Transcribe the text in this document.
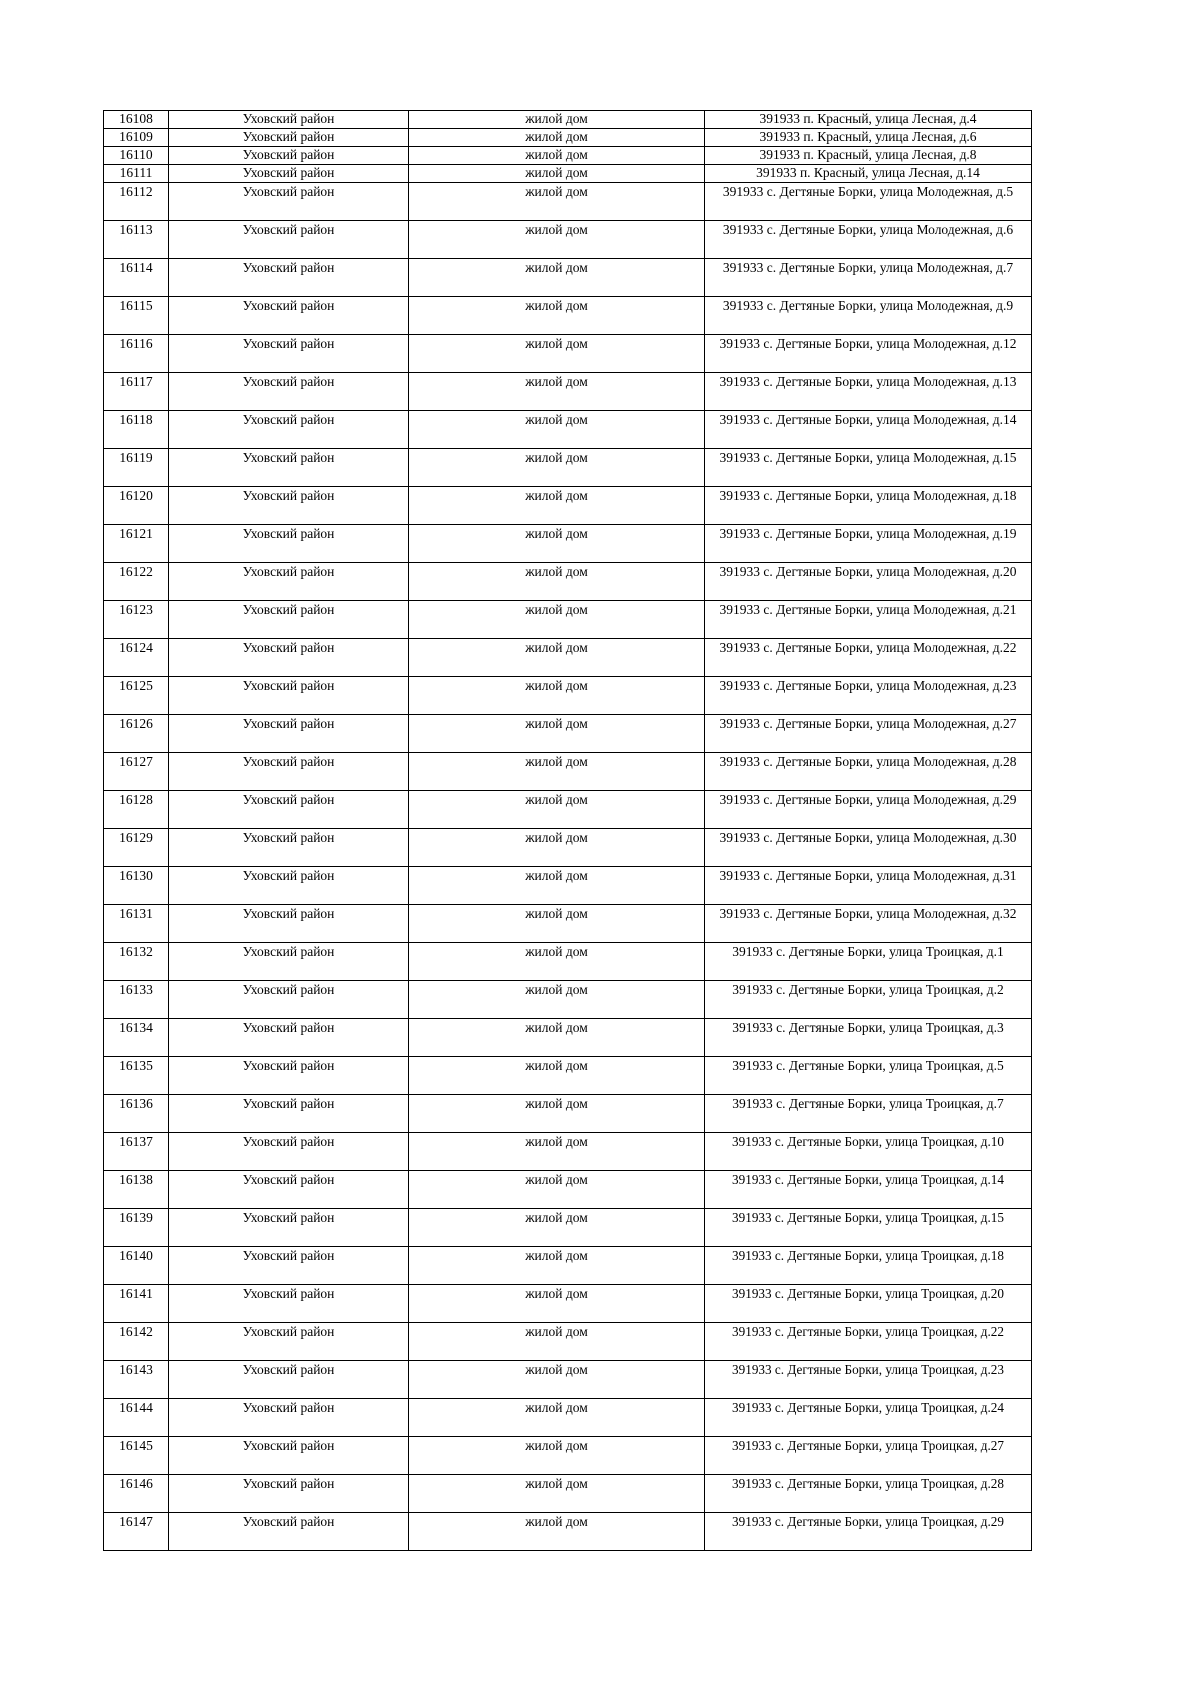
16108	Уховский район	жилой дом	391933 п. Красный, улица Лесная, д.4
16109	Уховский район	жилой дом	391933 п. Красный, улица Лесная, д.6
16110	Уховский район	жилой дом	391933 п. Красный, улица Лесная, д.8
16111	Уховский район	жилой дом	391933 п. Красный, улица Лесная, д.14
16112	Уховский район	жилой дом	391933 с. Дегтяные Борки, улица Молодежная, д.5
16113	Уховский район	жилой дом	391933 с. Дегтяные Борки, улица Молодежная, д.6
16114	Уховский район	жилой дом	391933 с. Дегтяные Борки, улица Молодежная, д.7
16115	Уховский район	жилой дом	391933 с. Дегтяные Борки, улица Молодежная, д.9
16116	Уховский район	жилой дом	391933 с. Дегтяные Борки, улица Молодежная, д.12
16117	Уховский район	жилой дом	391933 с. Дегтяные Борки, улица Молодежная, д.13
16118	Уховский район	жилой дом	391933 с. Дегтяные Борки, улица Молодежная, д.14
16119	Уховский район	жилой дом	391933 с. Дегтяные Борки, улица Молодежная, д.15
16120	Уховский район	жилой дом	391933 с. Дегтяные Борки, улица Молодежная, д.18
16121	Уховский район	жилой дом	391933 с. Дегтяные Борки, улица Молодежная, д.19
16122	Уховский район	жилой дом	391933 с. Дегтяные Борки, улица Молодежная, д.20
16123	Уховский район	жилой дом	391933 с. Дегтяные Борки, улица Молодежная, д.21
16124	Уховский район	жилой дом	391933 с. Дегтяные Борки, улица Молодежная, д.22
16125	Уховский район	жилой дом	391933 с. Дегтяные Борки, улица Молодежная, д.23
16126	Уховский район	жилой дом	391933 с. Дегтяные Борки, улица Молодежная, д.27
16127	Уховский район	жилой дом	391933 с. Дегтяные Борки, улица Молодежная, д.28
16128	Уховский район	жилой дом	391933 с. Дегтяные Борки, улица Молодежная, д.29
16129	Уховский район	жилой дом	391933 с. Дегтяные Борки, улица Молодежная, д.30
16130	Уховский район	жилой дом	391933 с. Дегтяные Борки, улица Молодежная, д.31
16131	Уховский район	жилой дом	391933 с. Дегтяные Борки, улица Молодежная, д.32
16132	Уховский район	жилой дом	391933 с. Дегтяные Борки, улица Троицкая, д.1
16133	Уховский район	жилой дом	391933 с. Дегтяные Борки, улица Троицкая, д.2
16134	Уховский район	жилой дом	391933 с. Дегтяные Борки, улица Троицкая, д.3
16135	Уховский район	жилой дом	391933 с. Дегтяные Борки, улица Троицкая, д.5
16136	Уховский район	жилой дом	391933 с. Дегтяные Борки, улица Троицкая, д.7
16137	Уховский район	жилой дом	391933 с. Дегтяные Борки, улица Троицкая, д.10
16138	Уховский район	жилой дом	391933 с. Дегтяные Борки, улица Троицкая, д.14
16139	Уховский район	жилой дом	391933 с. Дегтяные Борки, улица Троицкая, д.15
16140	Уховский район	жилой дом	391933 с. Дегтяные Борки, улица Троицкая, д.18
16141	Уховский район	жилой дом	391933 с. Дегтяные Борки, улица Троицкая, д.20
16142	Уховский район	жилой дом	391933 с. Дегтяные Борки, улица Троицкая, д.22
16143	Уховский район	жилой дом	391933 с. Дегтяные Борки, улица Троицкая, д.23
16144	Уховский район	жилой дом	391933 с. Дегтяные Борки, улица Троицкая, д.24
16145	Уховский район	жилой дом	391933 с. Дегтяные Борки, улица Троицкая, д.27
16146	Уховский район	жилой дом	391933 с. Дегтяные Борки, улица Троицкая, д.28
16147	Уховский район	жилой дом	391933 с. Дегтяные Борки, улица Троицкая, д.29
